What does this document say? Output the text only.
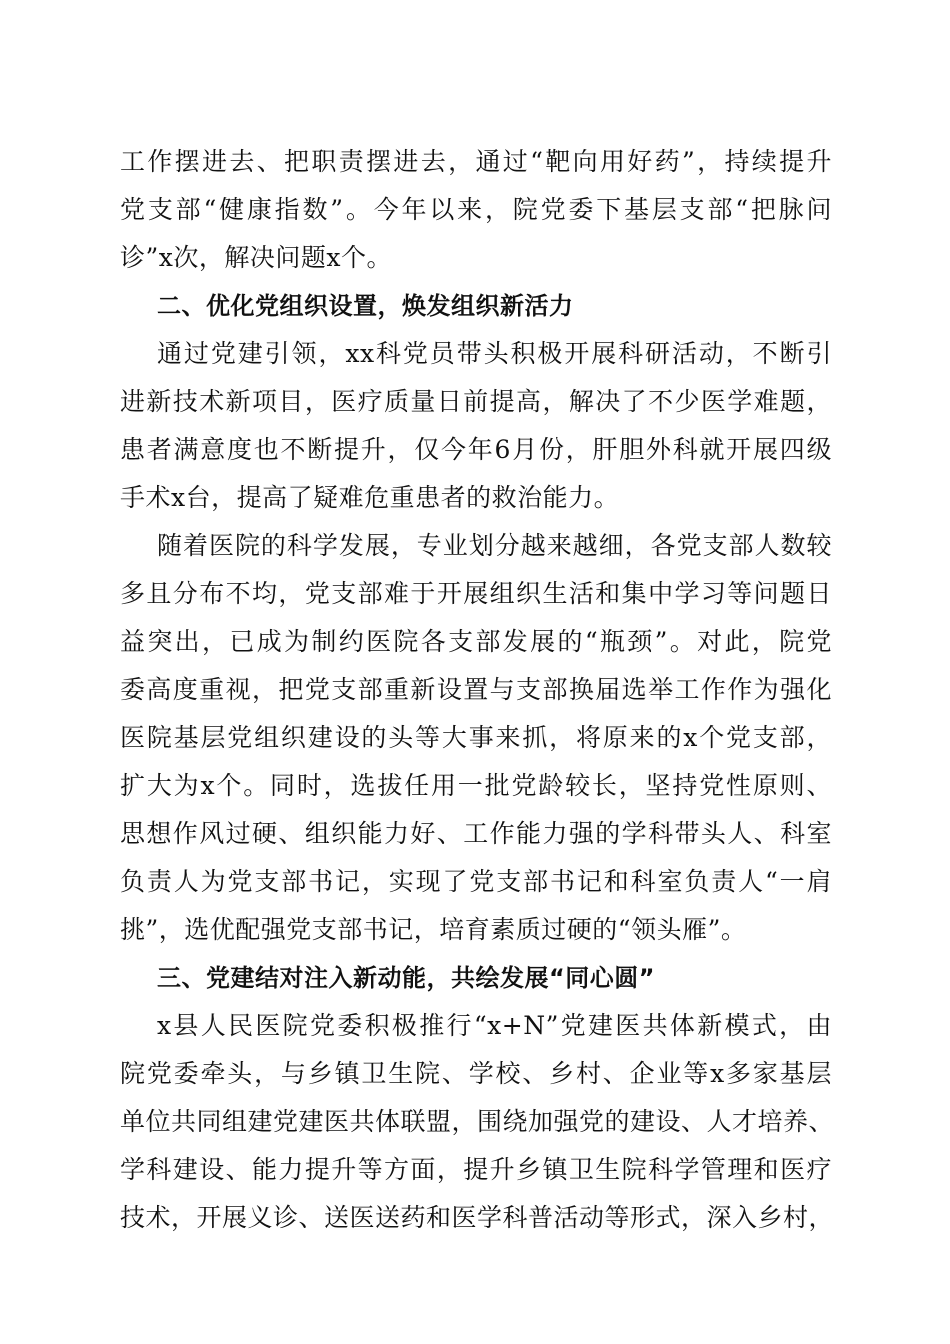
工作摆进去、把职责摆进去，通过“靶向用好药”，持续提升
党支部“健康指数”。今年以来，院党委下基层支部“把脉问
诊”x次，解决问题x个。
二、优化党组织设置，焕发组织新活力
通过党建引领，xx科党员带头积极开展科研活动，不断引
进新技术新项目，医疗质量日前提高，解决了不少医学难题，
患者满意度也不断提升，仅今年6月份，肝胆外科就开展四级
手术x台，提高了疑难危重患者的救治能力。
随着医院的科学发展，专业划分越来越细，各党支部人数较
多且分布不均，党支部难于开展组织生活和集中学习等问题日
益突出，已成为制约医院各支部发展的“瓶颈”。对此，院党
委高度重视，把党支部重新设置与支部换届选举工作作为强化
医院基层党组织建设的头等大事来抓，将原来的x个党支部，
扩大为x个。同时，选拔任用一批党龄较长，坚持党性原则、
思想作风过硬、组织能力好、工作能力强的学科带头人、科室
负责人为党支部书记，实现了党支部书记和科室负责人“一肩
挑”，选优配强党支部书记，培育素质过硬的“领头雁”。
三、党建结对注入新动能，共绘发展“同心圆”
x县人民医院党委积极推行“x+N”党建医共体新模式，由
院党委牵头，与乡镇卫生院、学校、乡村、企业等x多家基层
单位共同组建党建医共体联盟，围绕加强党的建设、人才培养、
学科建设、能力提升等方面，提升乡镇卫生院科学管理和医疗
技术，开展义诊、送医送药和医学科普活动等形式，深入乡村，
